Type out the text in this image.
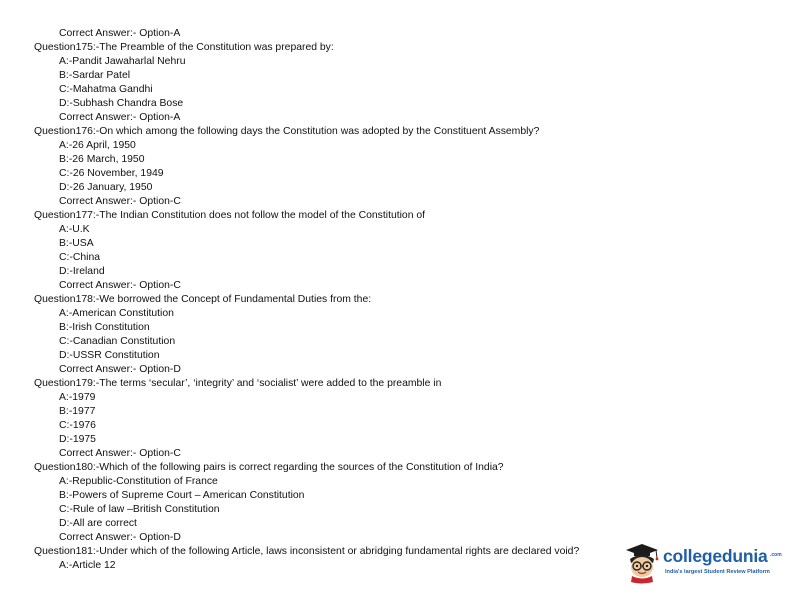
Correct Answer:- Option-A
Question175:-The Preamble of the Constitution was prepared by:
A:-Pandit Jawaharlal Nehru
B:-Sardar Patel
C:-Mahatma Gandhi
D:-Subhash Chandra Bose
Correct Answer:- Option-A
Question176:-On which among the following days the Constitution was adopted by the Constituent Assembly?
A:-26 April, 1950
B:-26 March, 1950
C:-26 November, 1949
D:-26 January, 1950
Correct Answer:- Option-C
Question177:-The Indian Constitution does not follow the model of the Constitution of
A:-U.K
B:-USA
C:-China
D:-Ireland
Correct Answer:- Option-C
Question178:-We borrowed the Concept of Fundamental Duties from the:
A:-American Constitution
B:-Irish Constitution
C:-Canadian Constitution
D:-USSR Constitution
Correct Answer:- Option-D
Question179:-The terms ‘secular’, ‘integrity’ and ‘socialist’ were added to the preamble in
A:-1979
B:-1977
C:-1976
D:-1975
Correct Answer:- Option-C
Question180:-Which of the following pairs is correct regarding the sources of the Constitution of India?
A:-Republic-Constitution of France
B:-Powers of Supreme Court – American Constitution
C:-Rule of law –British Constitution
D:-All are correct
Correct Answer:- Option-D
Question181:-Under which of the following Article, laws inconsistent or abridging fundamental rights are declared void?
A:-Article 12	collegedunia .com
India's largest Student Review Platform
